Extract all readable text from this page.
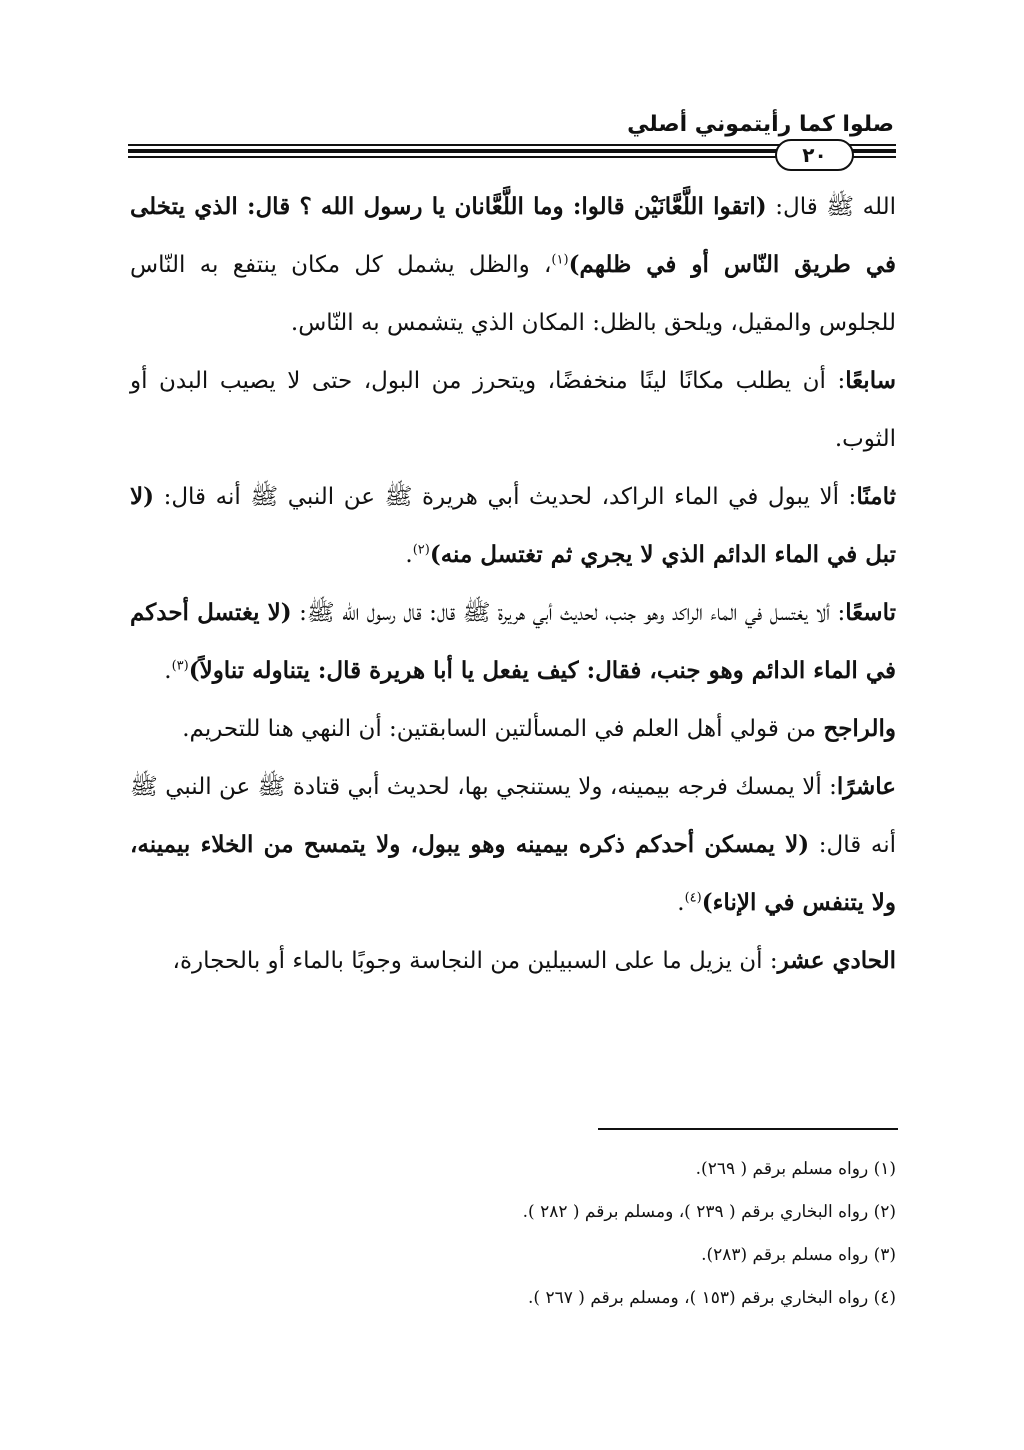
صلوا كما رأيتموني أصلي
٢٠

الله ﷺ قال: (اتقوا اللَّعَّانَيْن قالوا: وما اللَّعَّانان يا رسول الله ؟ قال: الذي يتخلى في طريق النّاس أو في ظلهم)$^{(١)}$، والظل يشمل كل مكان ينتفع به النّاس للجلوس والمقيل، ويلحق بالظل: المكان الذي يتشمس به النّاس.

سابعًا: أن يطلب مكانًا لينًا منخفضًا، ويتحرز من البول، حتى لا يصيب البدن أو الثوب.

ثامنًا: ألا يبول في الماء الراكد، لحديث أبي هريرة ﷺ عن النبي ﷺ أنه قال: (لا تبل في الماء الدائم الذي لا يجري ثم تغتسل منه)$^{(٢)}$.

تاسعًا: ألا يغتسل في الماء الراكد وهو جنب، لحديث أبي هريرة ﷺ قال: قال رسول الله ﷺ: (لا يغتسل أحدكم في الماء الدائم وهو جنب، فقال: كيف يفعل يا أبا هريرة قال: يتناوله تناولاً)$^{(٣)}$.

والراجح من قولي أهل العلم في المسألتين السابقتين: أن النهي هنا للتحريم.

عاشرًا: ألا يمسك فرجه بيمينه، ولا يستنجي بها، لحديث أبي قتادة ﷺ عن النبي ﷺ أنه قال: (لا يمسكن أحدكم ذكره بيمينه وهو يبول، ولا يتمسح من الخلاء بيمينه، ولا يتنفس في الإناء)$^{(٤)}$.

الحادي عشر: أن يزيل ما على السبيلين من النجاسة وجوبًا بالماء أو بالحجارة،

(١) رواه مسلم برقم ( ٢٦٩).

(٢) رواه البخاري برقم ( ٢٣٩ )، ومسلم برقم ( ٢٨٢ ).

(٣) رواه مسلم برقم (٢٨٣).

(٤) رواه البخاري برقم (١٥٣ )، ومسلم برقم ( ٢٦٧ ).
